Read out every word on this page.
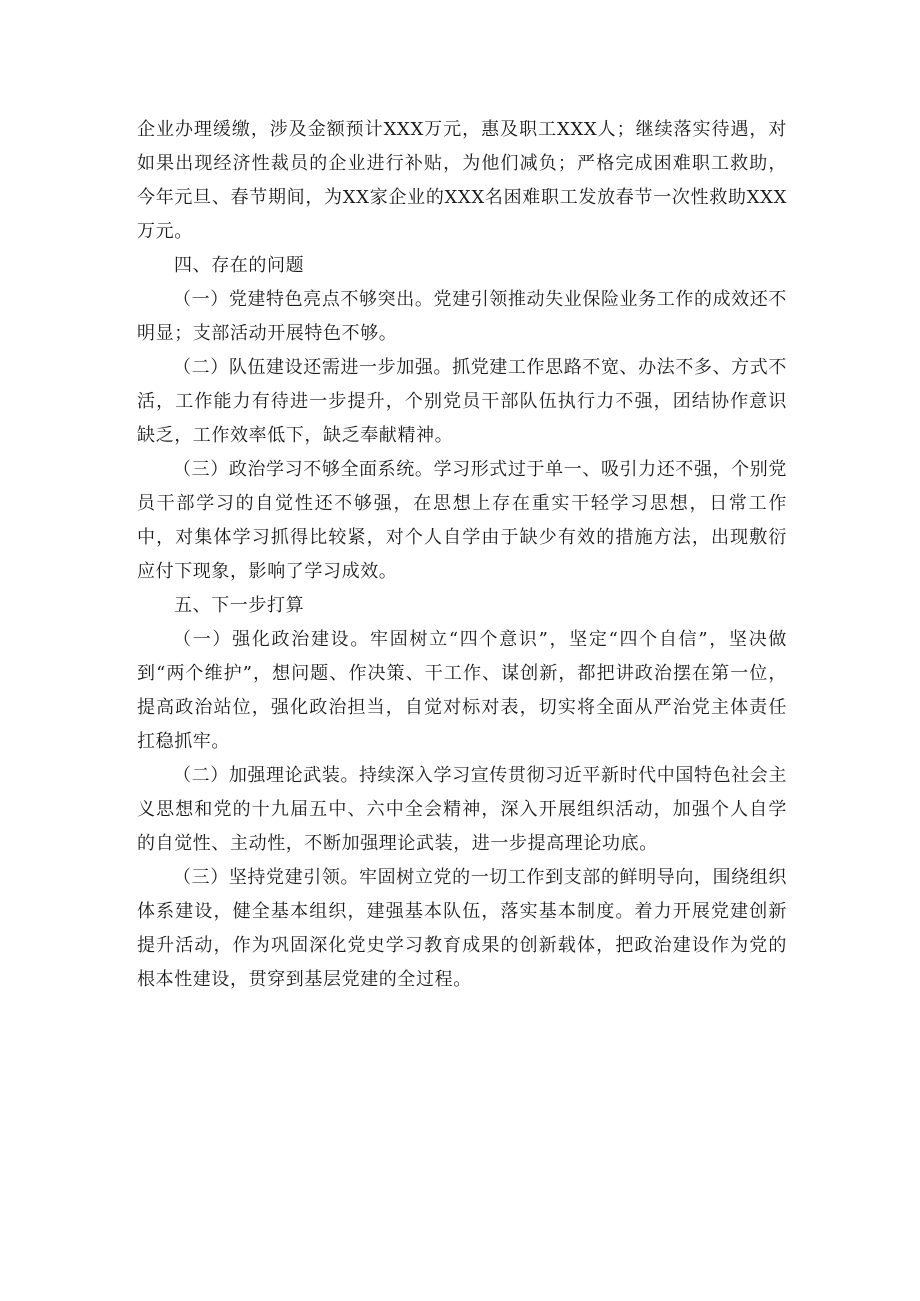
企业办理缓缴，涉及金额预计XXX万元，惠及职工XXX人；继续落实待遇，对如果出现经济性裁员的企业进行补贴，为他们减负；严格完成困难职工救助，今年元旦、春节期间，为XX家企业的XXX名困难职工发放春节一次性救助XXX万元。

四、存在的问题

（一）党建特色亮点不够突出。党建引领推动失业保险业务工作的成效还不明显；支部活动开展特色不够。

（二）队伍建设还需进一步加强。抓党建工作思路不宽、办法不多、方式不活，工作能力有待进一步提升，个别党员干部队伍执行力不强，团结协作意识缺乏，工作效率低下，缺乏奉献精神。

（三）政治学习不够全面系统。学习形式过于单一、吸引力还不强，个别党员干部学习的自觉性还不够强，在思想上存在重实干轻学习思想，日常工作中，对集体学习抓得比较紧，对个人自学由于缺少有效的措施方法，出现敷衍应付下现象，影响了学习成效。

五、下一步打算

（一）强化政治建设。牢固树立“四个意识”，坚定“四个自信”，坚决做到“两个维护”，想问题、作决策、干工作、谋创新，都把讲政治摆在第一位，提高政治站位，强化政治担当，自觉对标对表，切实将全面从严治党主体责任扛稳抓牢。

（二）加强理论武装。持续深入学习宣传贯彻习近平新时代中国特色社会主义思想和党的十九届五中、六中全会精神，深入开展组织活动，加强个人自学的自觉性、主动性，不断加强理论武装，进一步提高理论功底。

（三）坚持党建引领。牢固树立党的一切工作到支部的鲜明导向，围绕组织体系建设，健全基本组织，建强基本队伍，落实基本制度。着力开展党建创新提升活动，作为巩固深化党史学习教育成果的创新载体，把政治建设作为党的根本性建设，贯穿到基层党建的全过程。
